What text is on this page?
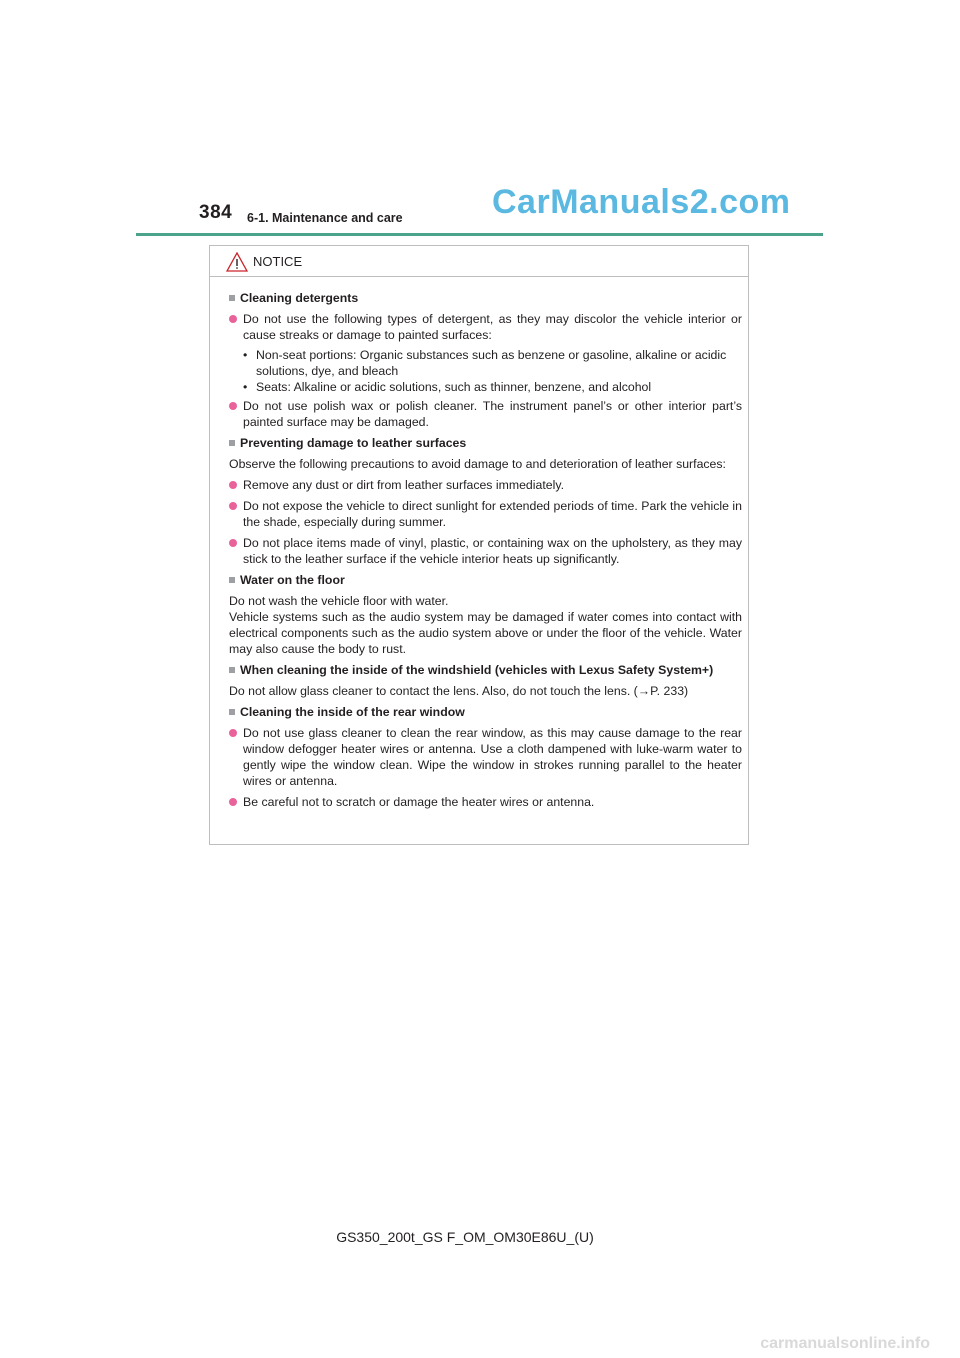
384 6-1. Maintenance and care	CarManuals2.com
NOTICE
Cleaning detergents
Do not use the following types of detergent, as they may discolor the vehicle interior or cause streaks or damage to painted surfaces:
• Non-seat portions: Organic substances such as benzene or gasoline, alkaline or acidic solutions, dye, and bleach
• Seats: Alkaline or acidic solutions, such as thinner, benzene, and alcohol
Do not use polish wax or polish cleaner. The instrument panel’s or other interior part’s painted surface may be damaged.
Preventing damage to leather surfaces
Observe the following precautions to avoid damage to and deterioration of leather surfaces:
Remove any dust or dirt from leather surfaces immediately.
Do not expose the vehicle to direct sunlight for extended periods of time. Park the vehicle in the shade, especially during summer.
Do not place items made of vinyl, plastic, or containing wax on the upholstery, as they may stick to the leather surface if the vehicle interior heats up significantly.
Water on the floor
Do not wash the vehicle floor with water.
Vehicle systems such as the audio system may be damaged if water comes into contact with electrical components such as the audio system above or under the floor of the vehicle. Water may also cause the body to rust.
When cleaning the inside of the windshield (vehicles with Lexus Safety System+)
Do not allow glass cleaner to contact the lens. Also, do not touch the lens. (→P. 233)
Cleaning the inside of the rear window
Do not use glass cleaner to clean the rear window, as this may cause damage to the rear window defogger heater wires or antenna. Use a cloth dampened with luke-warm water to gently wipe the window clean. Wipe the window in strokes running parallel to the heater wires or antenna.
Be careful not to scratch or damage the heater wires or antenna.
GS350_200t_GS F_OM_OM30E86U_(U)
carmanualsonline.info
